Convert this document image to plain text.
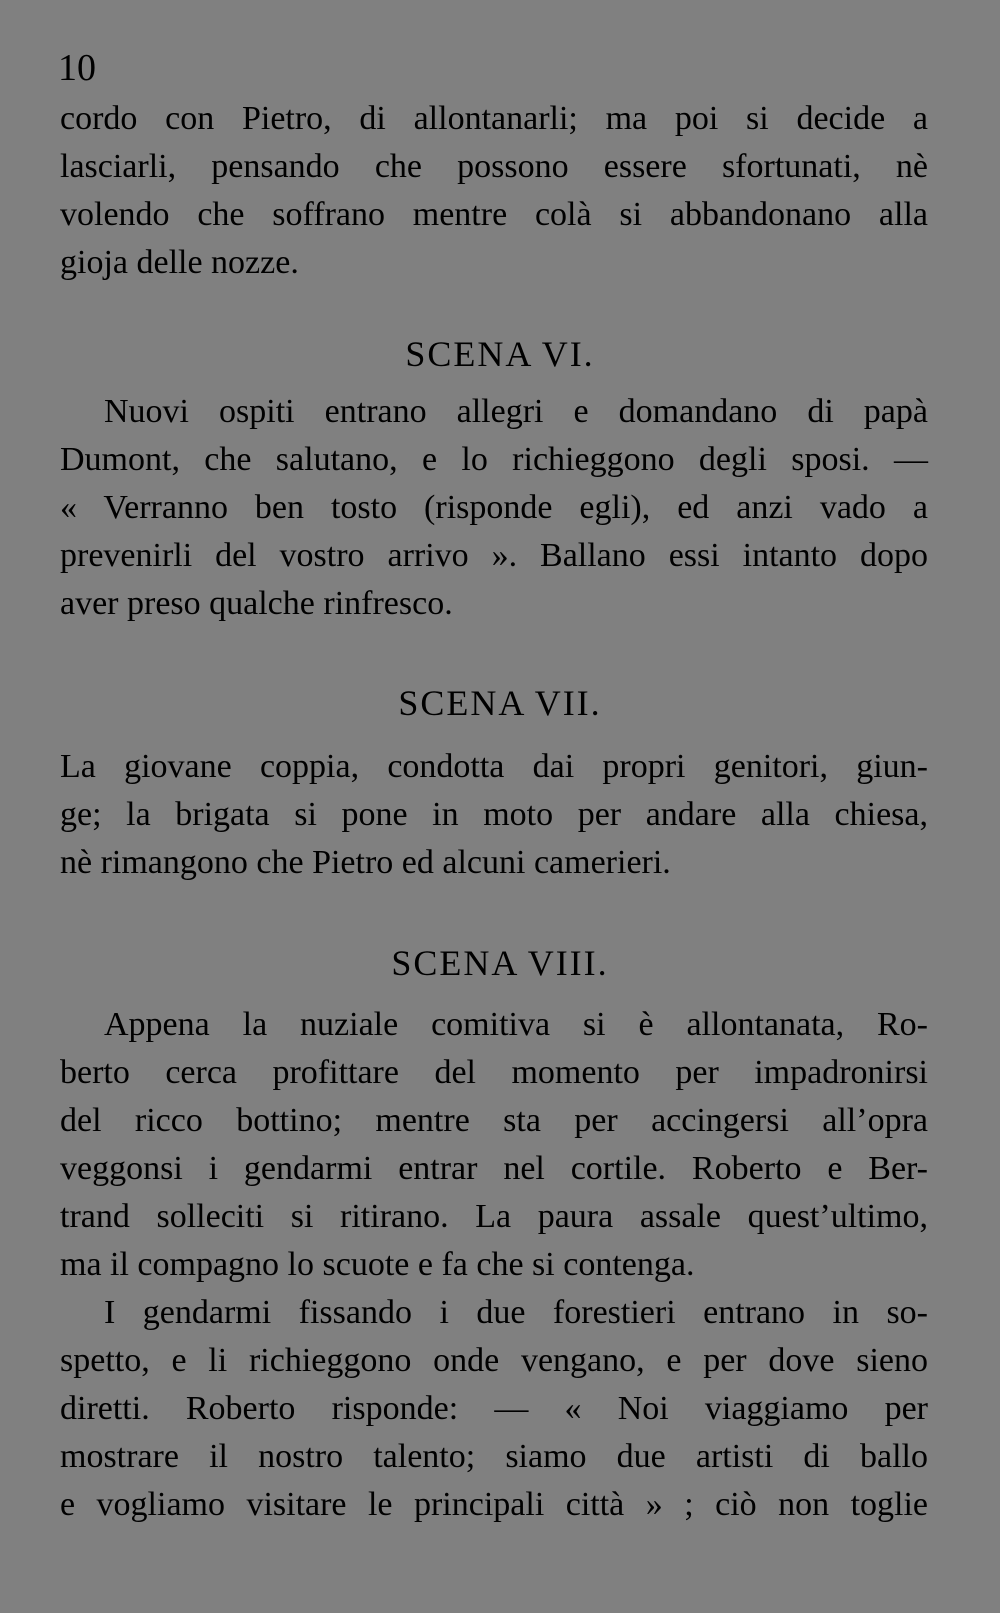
10
cordo con Pietro, di allontanarli; ma poi si decide a
lasciarli, pensando che possono essere sfortunati, nè
volendo che soffrano mentre colà si abbandonano alla
gioja delle nozze.
SCENA VI.
Nuovi ospiti entrano allegri e domandano di papà
Dumont, che salutano, e lo richieggono degli sposi. —
« Verranno ben tosto (risponde egli), ed anzi vado a
prevenirli del vostro arrivo ». Ballano essi intanto dopo
aver preso qualche rinfresco.
SCENA VII.
La giovane coppia, condotta dai propri genitori, giun-
ge; la brigata si pone in moto per andare alla chiesa,
nè rimangono che Pietro ed alcuni camerieri.
SCENA VIII.
Appena la nuziale comitiva si è allontanata, Ro-
berto cerca profittare del momento per impadronirsi
del ricco bottino; mentre sta per accingersi all’opra
veggonsi i gendarmi entrar nel cortile. Roberto e Ber-
trand solleciti si ritirano. La paura assale quest’ultimo,
ma il compagno lo scuote e fa che si contenga.
I gendarmi fissando i due forestieri entrano in so-
spetto, e li richieggono onde vengano, e per dove sieno
diretti. Roberto risponde: — « Noi viaggiamo per
mostrare il nostro talento; siamo due artisti di ballo
e vogliamo visitare le principali città » ; ciò non toglie
